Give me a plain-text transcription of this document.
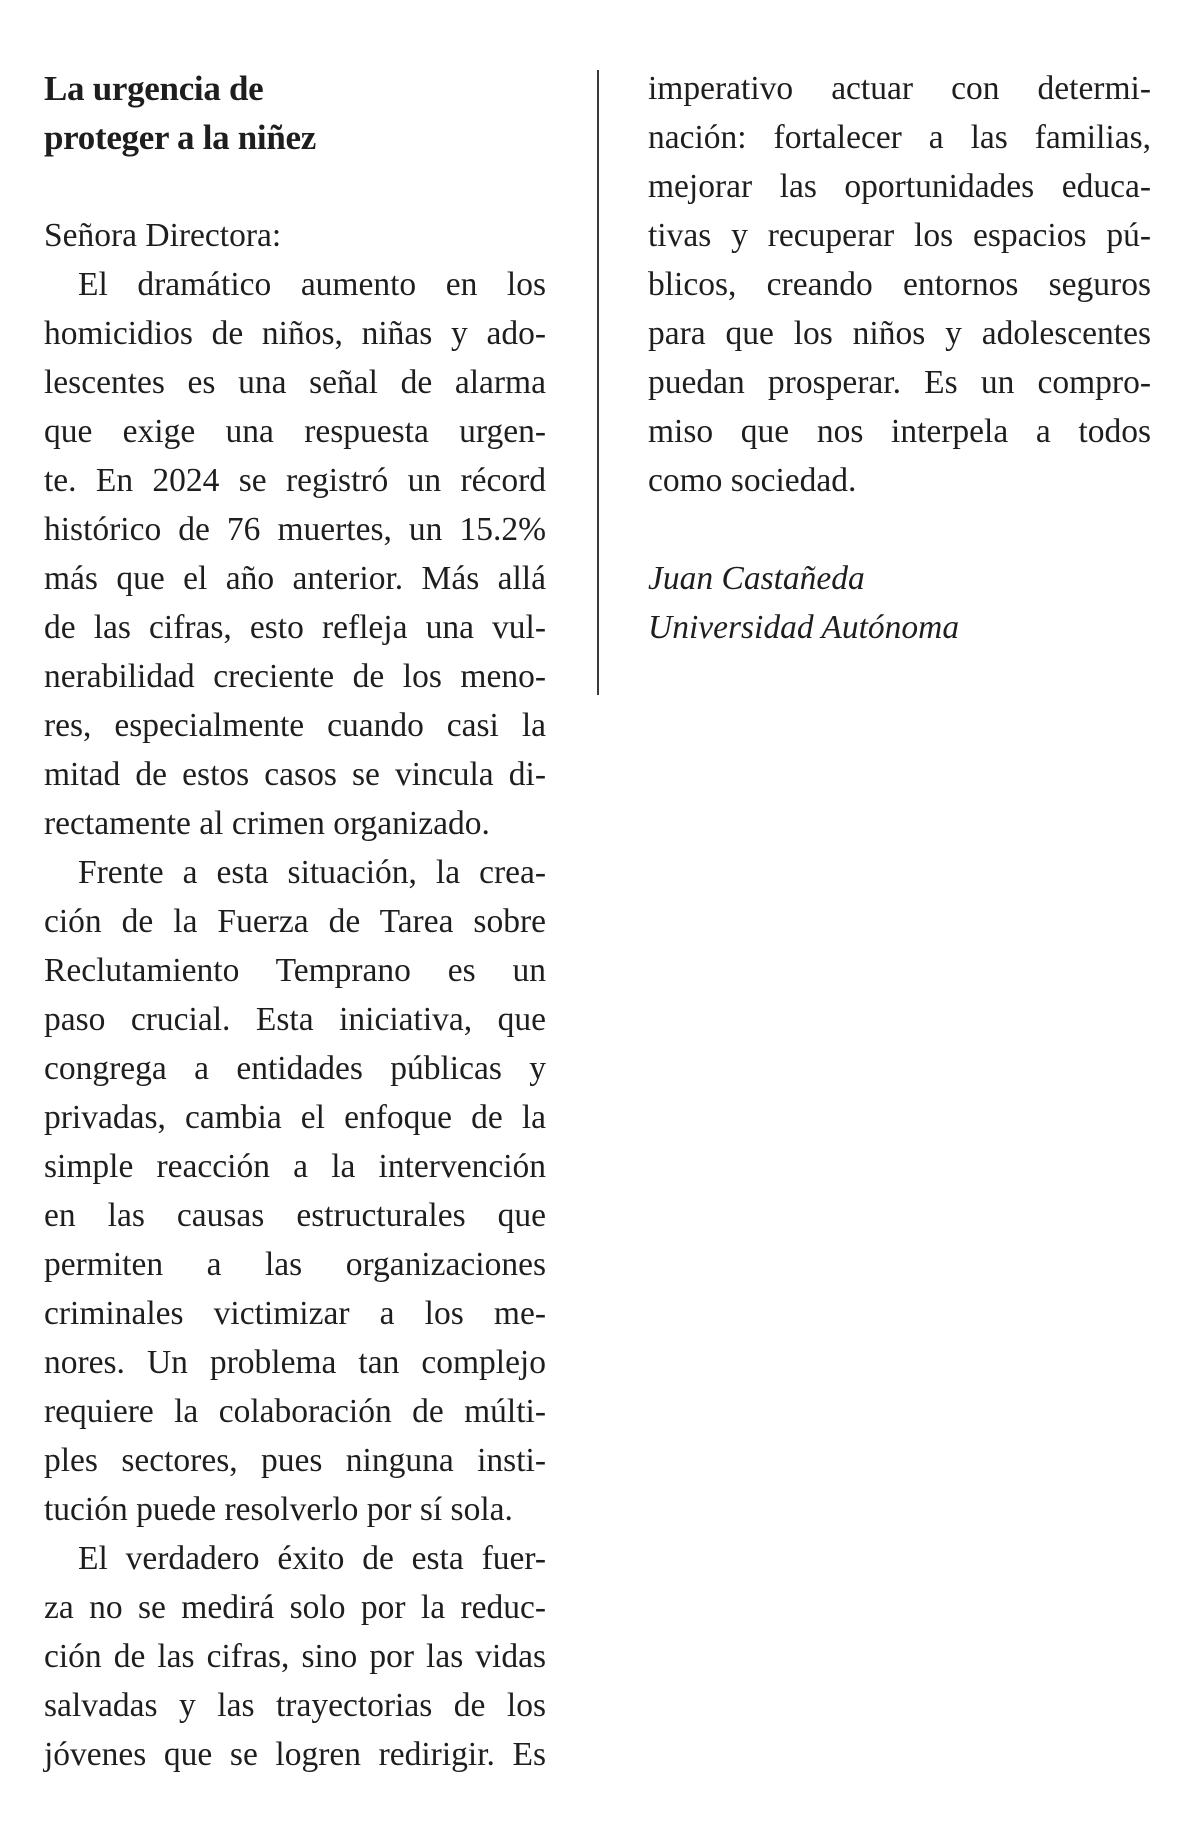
La urgencia de
proteger a la niñez
Señora Directora:
El dramático aumento en los
homicidios de niños, niñas y ado-
lescentes es una señal de alarma
que exige una respuesta urgen-
te. En 2024 se registró un récord
histórico de 76 muertes, un 15.2%
más que el año anterior. Más allá
de las cifras, esto refleja una vul-
nerabilidad creciente de los meno-
res, especialmente cuando casi la
mitad de estos casos se vincula di-
rectamente al crimen organizado.
Frente a esta situación, la crea-
ción de la Fuerza de Tarea sobre
Reclutamiento Temprano es un
paso crucial. Esta iniciativa, que
congrega a entidades públicas y
privadas, cambia el enfoque de la
simple reacción a la intervención
en las causas estructurales que
permiten a las organizaciones
criminales victimizar a los me-
nores. Un problema tan complejo
requiere la colaboración de múlti-
ples sectores, pues ninguna insti-
tución puede resolverlo por sí sola.
El verdadero éxito de esta fuer-
za no se medirá solo por la reduc-
ción de las cifras, sino por las vidas
salvadas y las trayectorias de los
jóvenes que se logren redirigir. Es
imperativo actuar con determi-
nación: fortalecer a las familias,
mejorar las oportunidades educa-
tivas y recuperar los espacios pú-
blicos, creando entornos seguros
para que los niños y adolescentes
puedan prosperar. Es un compro-
miso que nos interpela a todos
como sociedad.
Juan Castañeda
Universidad Autónoma
